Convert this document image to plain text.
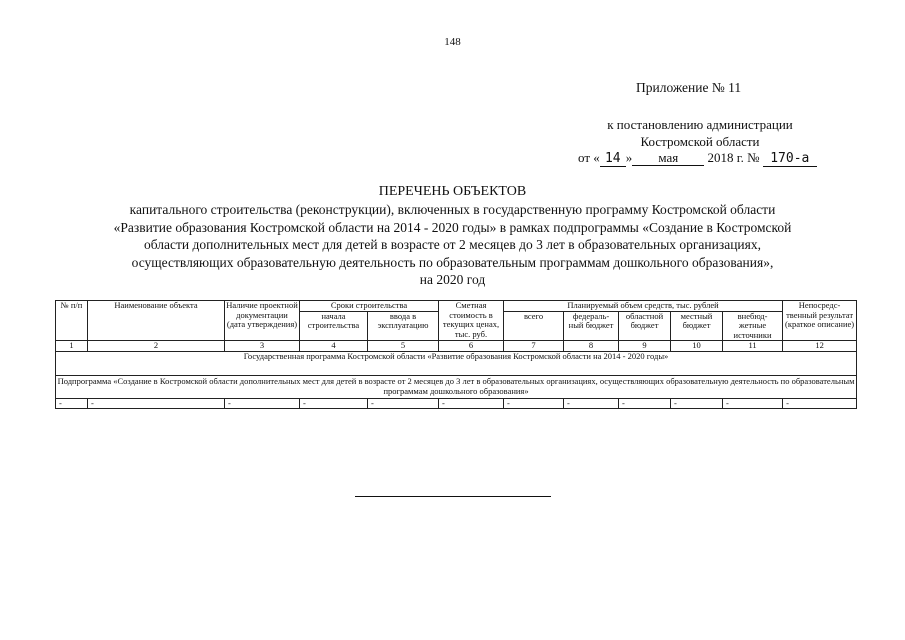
148
Приложение № 11
к постановлению администрации
Костромской области
от « 14 » мая 2018 г. № 170-а
ПЕРЕЧЕНЬ ОБЪЕКТОВ
капитального строительства (реконструкции), включенных в государственную программу Костромской области
«Развитие образования Костромской области на 2014 - 2020 годы» в рамках подпрограммы «Создание в Костромской
области дополнительных мест для детей в возрасте от 2 месяцев до 3 лет в образовательных организациях,
осуществляющих образовательную деятельность по образовательным программам дошкольного образования»,
на 2020 год
№ п/п	Наименование объекта	Наличие проектной документации (дата утверждения)	Сроки строительства		Сметная стоимость в текущих ценах, тыс. руб.	Планируемый объем средств, тыс. рублей					Непосредс- твенный результат (краткое описание)
			начала строительства	ввода в эксплуатацию		всего	федераль- ный бюджет	областной бюджет	местный бюджет	внебюд- жетные источники	
1	2	3	4	5	6	7	8	9	10	11	12
Государственная программа Костромской области «Развитие образования Костромской области на 2014 - 2020 годы»											
Подпрограмма «Создание в Костромской области дополнительных мест для детей в возрасте от 2 месяцев до 3 лет в образовательных организациях, осуществляющих образовательную деятельность по образовательным программам дошкольного образования»											
-	-	-	-	-	-	-	-	-	-	-	-
